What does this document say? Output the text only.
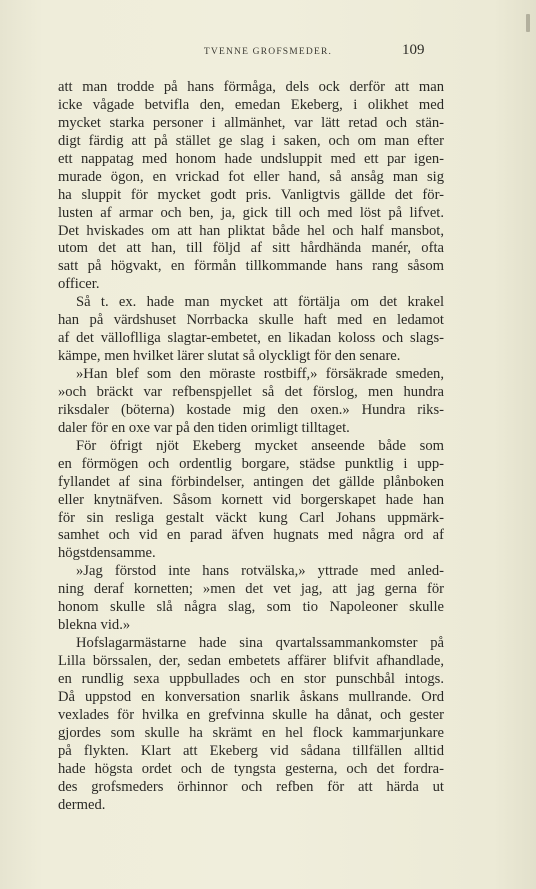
TVENNE GROFSMEDER.	109
att man trodde på hans förmåga, dels ock derför att man
icke vågade betvifla den, emedan Ekeberg, i olikhet med
mycket starka personer i allmänhet, var lätt retad och stän-
digt färdig att på stället ge slag i saken, och om man efter
ett nappatag med honom hade undsluppit med ett par igen-
murade ögon, en vrickad fot eller hand, så ansåg man sig
ha sluppit för mycket godt pris. Vanligtvis gällde det för-
lusten af armar och ben, ja, gick till och med löst på lifvet.
Det hviskades om att han pliktat både hel och half mansbot,
utom det att han, till följd af sitt hårdhända manér, ofta
satt på högvakt, en förmån tillkommande hans rang såsom
officer.
Så t. ex. hade man mycket att förtälja om det krakel
han på värdshuset Norrbacka skulle haft med en ledamot
af det välloflliga slagtar-embetet, en likadan koloss och slags-
kämpe, men hvilket lärer slutat så olyckligt för den senare.
»Han blef som den möraste rostbiff,» försäkrade smeden,
»och bräckt var refbenspjellet så det förslog, men hundra
riksdaler (böterna) kostade mig den oxen.» Hundra riks-
daler för en oxe var på den tiden orimligt tilltaget.
För öfrigt njöt Ekeberg mycket anseende både som
en förmögen och ordentlig borgare, städse punktlig i upp-
fyllandet af sina förbindelser, antingen det gällde plånboken
eller knytnäfven. Såsom kornett vid borgerskapet hade han
för sin resliga gestalt väckt kung Carl Johans uppmärk-
samhet och vid en parad äfven hugnats med några ord af
högstdensamme.
»Jag förstod inte hans rotvälska,» yttrade med anled-
ning deraf kornetten; »men det vet jag, att jag gerna för
honom skulle slå några slag, som tio Napoleoner skulle
blekna vid.»
Hofslagarmästarne hade sina qvartalssammankomster på
Lilla börssalen, der, sedan embetets affärer blifvit afhandlade,
en rundlig sexa uppbullades och en stor punschbål intogs.
Då uppstod en konversation snarlik åskans mullrande. Ord
vexlades för hvilka en grefvinna skulle ha dånat, och gester
gjordes som skulle ha skrämt en hel flock kammarjunkare
på flykten. Klart att Ekeberg vid sådana tillfällen alltid
hade högsta ordet och de tyngsta gesterna, och det fordra-
des grofsmeders örhinnor och refben för att härda ut
dermed.
